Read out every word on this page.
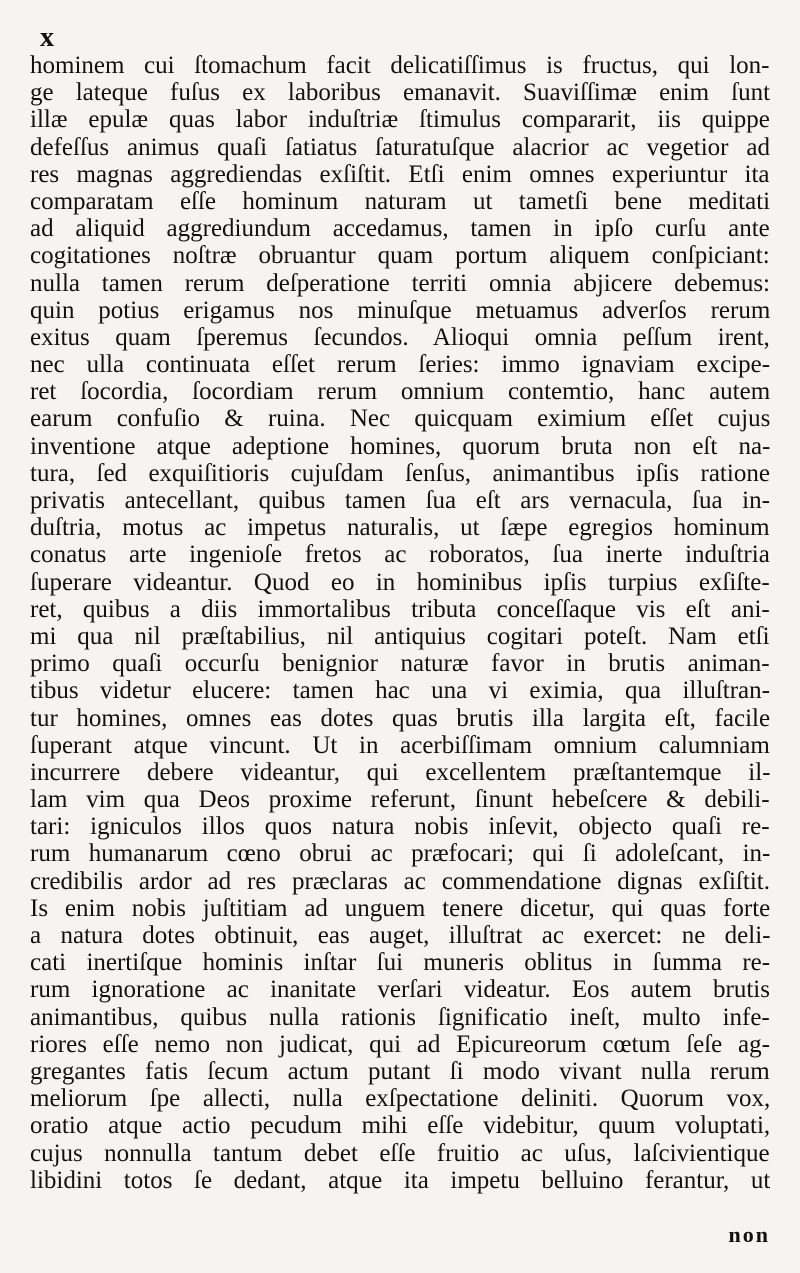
x
hominem cui ſtomachum facit delicatiſſimus is fructus, qui lon-
ge lateque fuſus ex laboribus emanavit. Suaviſſimæ enim ſunt
illæ epulæ quas labor induſtriæ ſtimulus compararit, iis quippe
defeſſus animus quaſi ſatiatus ſaturatuſque alacrior ac vegetior ad
res magnas aggrediendas exſiſtit. Etſi enim omnes experiuntur ita
comparatam eſſe hominum naturam ut tametſi bene meditati
ad aliquid aggrediundum accedamus, tamen in ipſo curſu ante
cogitationes noſtræ obruantur quam portum aliquem conſpiciant:
nulla tamen rerum deſperatione territi omnia abjicere debemus:
quin potius erigamus nos minuſque metuamus adverſos rerum
exitus quam ſperemus ſecundos. Alioqui omnia peſſum irent,
nec ulla continuata eſſet rerum ſeries: immo ignaviam excipe-
ret ſocordia, ſocordiam rerum omnium contemtio, hanc autem
earum confuſio & ruina. Nec quicquam eximium eſſet cujus
inventione atque adeptione homines, quorum bruta non eſt na-
tura, ſed exquiſitioris cujuſdam ſenſus, animantibus ipſis ratione
privatis antecellant, quibus tamen ſua eſt ars vernacula, ſua in-
duſtria, motus ac impetus naturalis, ut ſæpe egregios hominum
conatus arte ingenioſe fretos ac roboratos, ſua inerte induſtria
ſuperare videantur. Quod eo in hominibus ipſis turpius exſiſte-
ret, quibus a diis immortalibus tributa conceſſaque vis eſt ani-
mi qua nil præſtabilius, nil antiquius cogitari poteſt. Nam etſi
primo quaſi occurſu benignior naturæ favor in brutis animan-
tibus videtur elucere: tamen hac una vi eximia, qua illuſtran-
tur homines, omnes eas dotes quas brutis illa largita eſt, facile
ſuperant atque vincunt. Ut in acerbiſſimam omnium calumniam
incurrere debere videantur, qui excellentem præſtantemque il-
lam vim qua Deos proxime referunt, ſinunt hebeſcere & debili-
tari: igniculos illos quos natura nobis inſevit, objecto quaſi re-
rum humanarum cœno obrui ac præfocari; qui ſi adoleſcant, in-
credibilis ardor ad res præclaras ac commendatione dignas exſiſtit.
Is enim nobis juſtitiam ad unguem tenere dicetur, qui quas forte
a natura dotes obtinuit, eas auget, illuſtrat ac exercet: ne deli-
cati inertiſque hominis inſtar ſui muneris oblitus in ſumma re-
rum ignoratione ac inanitate verſari videatur. Eos autem brutis
animantibus, quibus nulla rationis ſignificatio ineſt, multo infe-
riores eſſe nemo non judicat, qui ad Epicureorum cœtum ſeſe ag-
gregantes fatis ſecum actum putant ſi modo vivant nulla rerum
meliorum ſpe allecti, nulla exſpectatione deliniti. Quorum vox,
oratio atque actio pecudum mihi eſſe videbitur, quum voluptati,
cujus nonnulla tantum debet eſſe fruitio ac uſus, laſcivientique
libidini totos ſe dedant, atque ita impetu belluino ferantur, ut
non
